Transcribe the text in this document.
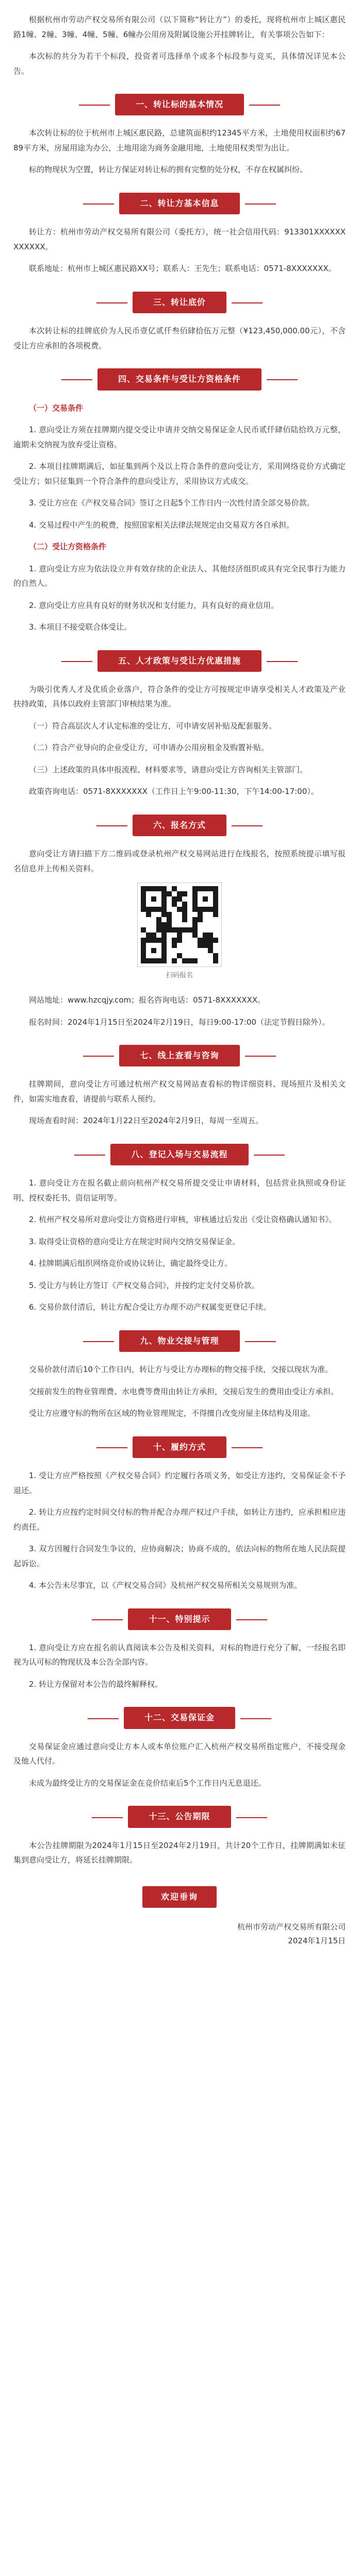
根据杭州市劳动产权交易所有限公司（以下简称“转让方”）的委托，现将杭州市上城区惠民路1幢、2幢、3幢、4幢、5幢、6幢办公用房及附属设施公开挂牌转让，有关事项公告如下：

本次标的共分为若干个标段，投资者可选择单个或多个标段参与竞买，具体情况详见本公告。

一、转让标的基本情况

本次转让标的位于杭州市上城区惠民路，总建筑面积约12345平方米，土地使用权面积约6789平方米，房屋用途为办公，土地用途为商务金融用地，土地使用权类型为出让。

标的物现状为空置，转让方保证对转让标的拥有完整的处分权，不存在权属纠纷。

二、转让方基本信息

转让方：杭州市劳动产权交易所有限公司（委托方），统一社会信用代码：913301XXXXXXXXXXXX。

联系地址：杭州市上城区惠民路XX号；联系人：王先生；联系电话：0571-8XXXXXXX。

三、转让底价

本次转让标的挂牌底价为人民币壹亿贰仟叁佰肆拾伍万元整（¥123,450,000.00元），不含受让方应承担的各项税费。

四、交易条件与受让方资格条件

（一）交易条件

1. 意向受让方须在挂牌期内提交受让申请并交纳交易保证金人民币贰仟肆佰陆拾玖万元整，逾期未交纳视为放弃受让资格。

2. 本项目挂牌期满后，如征集到两个及以上符合条件的意向受让方，采用网络竞价方式确定受让方；如只征集到一个符合条件的意向受让方，采用协议方式成交。

3. 受让方应在《产权交易合同》签订之日起5个工作日内一次性付清全部交易价款。

4. 交易过程中产生的税费，按照国家相关法律法规规定由交易双方各自承担。

（二）受让方资格条件

1. 意向受让方应为依法设立并有效存续的企业法人、其他经济组织或具有完全民事行为能力的自然人。

2. 意向受让方应具有良好的财务状况和支付能力，具有良好的商业信用。

3. 本项目不接受联合体受让。

五、人才政策与受让方优惠措施

为吸引优秀人才及优质企业落户，符合条件的受让方可按规定申请享受相关人才政策及产业扶持政策，具体以政府主管部门审核结果为准。

（一）符合高层次人才认定标准的受让方，可申请安居补贴及配套服务。

（二）符合产业导向的企业受让方，可申请办公用房租金及购置补贴。

（三）上述政策的具体申报流程、材料要求等，请意向受让方咨询相关主管部门。

政策咨询电话：0571-8XXXXXXX（工作日上午9:00-11:30，下午14:00-17:00）。

六、报名方式

意向受让方请扫描下方二维码或登录杭州产权交易网站进行在线报名，按照系统提示填写报名信息并上传相关资料。

扫码报名

网站地址：www.hzcqjy.com；报名咨询电话：0571-8XXXXXXX。

报名时间：2024年1月15日至2024年2月19日，每日9:00-17:00（法定节假日除外）。

七、线上查看与咨询

挂牌期间，意向受让方可通过杭州产权交易网站查看标的物详细资料、现场照片及相关文件，如需实地查看，请提前与联系人预约。

现场查看时间：2024年1月22日至2024年2月9日，每周一至周五。

八、登记入场与交易流程

1. 意向受让方在报名截止前向杭州产权交易所提交受让申请材料，包括营业执照或身份证明、授权委托书、资信证明等。

2. 杭州产权交易所对意向受让方资格进行审核，审核通过后发出《受让资格确认通知书》。

3. 取得受让资格的意向受让方在规定时间内交纳交易保证金。

4. 挂牌期满后组织网络竞价或协议转让，确定最终受让方。

5. 受让方与转让方签订《产权交易合同》，并按约定支付交易价款。

6. 交易价款付清后，转让方配合受让方办理不动产权属变更登记手续。

九、物业交接与管理

交易价款付清后10个工作日内，转让方与受让方办理标的物交接手续，交接以现状为准。

交接前发生的物业管理费、水电费等费用由转让方承担，交接后发生的费用由受让方承担。

受让方应遵守标的物所在区域的物业管理规定，不得擅自改变房屋主体结构及用途。

十、履约方式

1. 受让方应严格按照《产权交易合同》约定履行各项义务，如受让方违约，交易保证金不予退还。

2. 转让方应按约定时间交付标的物并配合办理产权过户手续，如转让方违约，应承担相应违约责任。

3. 双方因履行合同发生争议的，应协商解决；协商不成的，依法向标的物所在地人民法院提起诉讼。

4. 本公告未尽事宜，以《产权交易合同》及杭州产权交易所相关交易规则为准。

十一、特别提示

1. 意向受让方应在报名前认真阅读本公告及相关资料，对标的物进行充分了解，一经报名即视为认可标的物现状及本公告全部内容。

2. 转让方保留对本公告的最终解释权。

十二、交易保证金

交易保证金应通过意向受让方本人或本单位账户汇入杭州产权交易所指定账户，不接受现金及他人代付。

未成为最终受让方的交易保证金在竞价结束后5个工作日内无息退还。

十三、公告期限

本公告挂牌期限为2024年1月15日至2024年2月19日，共计20个工作日，挂牌期满如未征集到意向受让方，将延长挂牌期限。

欢迎垂询
杭州市劳动产权交易所有限公司
2024年1月15日
